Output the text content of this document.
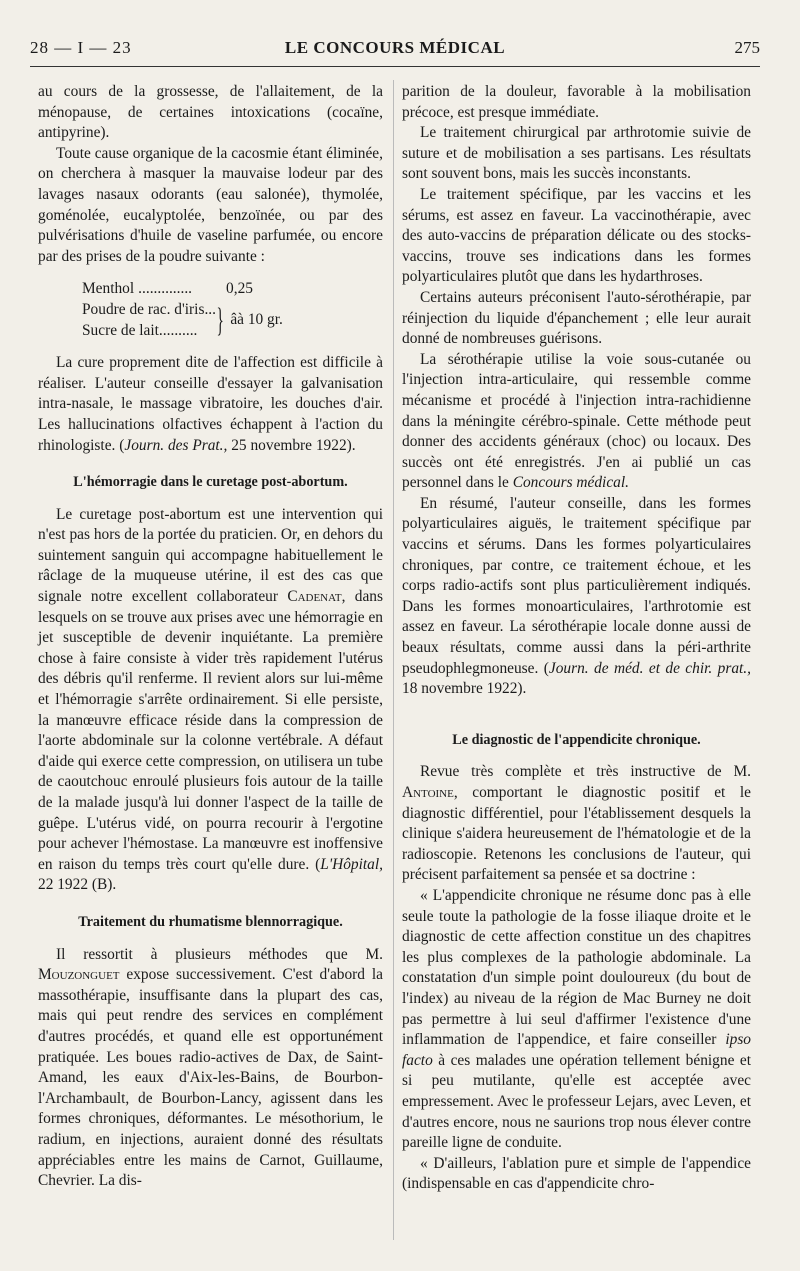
28 — I — 23	LE CONCOURS MÉDICAL	275

au cours de la grossesse, de l'allaitement, de la ménopause, de certaines intoxications (cocaïne, antipyrine).

Toute cause organique de la cacosmie étant éliminée, on cherchera à masquer la mauvaise lodeur par des lavages nasaux odorants (eau salonée), thymolée, goménolée, eucalyptolée, benzoïnée, ou par des pulvérisations d'huile de vaseline parfumée, ou encore par des prises de la poudre suivante :

Menthol .............. 0,25
Poudre de rac. d'iris...
Sucre de lait.......... } âà 10 gr.

La cure proprement dite de l'affection est difficile à réaliser. L'auteur conseille d'essayer la galvanisation intra-nasale, le massage vibratoire, les douches d'air. Les hallucinations olfactives échappent à l'action du rhinologiste. (Journ. des Prat., 25 novembre 1922).

L'hémorragie dans le curetage post-abortum.

Le curetage post-abortum est une intervention qui n'est pas hors de la portée du praticien. Or, en dehors du suintement sanguin qui accompagne habituellement le râclage de la muqueuse utérine, il est des cas que signale notre excellent collaborateur Cadenat, dans lesquels on se trouve aux prises avec une hémorragie en jet susceptible de devenir inquiétante. La première chose à faire consiste à vider très rapidement l'utérus des débris qu'il renferme. Il revient alors sur lui-même et l'hémorragie s'arrête ordinairement. Si elle persiste, la manœuvre efficace réside dans la compression de l'aorte abdominale sur la colonne vertébrale. A défaut d'aide qui exerce cette compression, on utilisera un tube de caoutchouc enroulé plusieurs fois autour de la taille de la malade jusqu'à lui donner l'aspect de la taille de guêpe. L'utérus vidé, on pourra recourir à l'ergotine pour achever l'hémostase. La manœuvre est inoffensive en raison du temps très court qu'elle dure. (L'Hôpital, 22 1922 (B).

Traitement du rhumatisme blennorragique.

Il ressortit à plusieurs méthodes que M. Mouzonguet expose successivement. C'est d'abord la massothérapie, insuffisante dans la plupart des cas, mais qui peut rendre des services en complément d'autres procédés, et quand elle est opportunément pratiquée. Les boues radio-actives de Dax, de Saint-Amand, les eaux d'Aix-les-Bains, de Bourbon-l'Archambault, de Bourbon-Lancy, agissent dans les formes chroniques, déformantes. Le mésothorium, le radium, en injections, auraient donné des résultats appréciables entre les mains de Carnot, Guillaume, Chevrier. La dis-

parition de la douleur, favorable à la mobilisation précoce, est presque immédiate.

Le traitement chirurgical par arthrotomie suivie de suture et de mobilisation a ses partisans. Les résultats sont souvent bons, mais les succès inconstants.

Le traitement spécifique, par les vaccins et les sérums, est assez en faveur. La vaccinothérapie, avec des auto-vaccins de préparation délicate ou des stocks-vaccins, trouve ses indications dans les formes polyarticulaires plutôt que dans les hydarthroses.

Certains auteurs préconisent l'auto-sérothérapie, par réinjection du liquide d'épanchement ; elle leur aurait donné de nombreuses guérisons.

La sérothérapie utilise la voie sous-cutanée ou l'injection intra-articulaire, qui ressemble comme mécanisme et procédé à l'injection intra-rachidienne dans la méningite cérébro-spinale. Cette méthode peut donner des accidents généraux (choc) ou locaux. Des succès ont été enregistrés. J'en ai publié un cas personnel dans le Concours médical.

En résumé, l'auteur conseille, dans les formes polyarticulaires aiguës, le traitement spécifique par vaccins et sérums. Dans les formes polyarticulaires chroniques, par contre, ce traitement échoue, et les corps radio-actifs sont plus particulièrement indiqués. Dans les formes monoarticulaires, l'arthrotomie est assez en faveur. La sérothérapie locale donne aussi de beaux résultats, comme aussi dans la péri-arthrite pseudophlegmoneuse. (Journ. de méd. et de chir. prat., 18 novembre 1922).

Le diagnostic de l'appendicite chronique.

Revue très complète et très instructive de M. Antoine, comportant le diagnostic positif et le diagnostic différentiel, pour l'établissement desquels la clinique s'aidera heureusement de l'hématologie et de la radioscopie. Retenons les conclusions de l'auteur, qui précisent parfaitement sa pensée et sa doctrine :

« L'appendicite chronique ne résume donc pas à elle seule toute la pathologie de la fosse iliaque droite et le diagnostic de cette affection constitue un des chapitres les plus complexes de la pathologie abdominale. La constatation d'un simple point douloureux (du bout de l'index) au niveau de la région de Mac Burney ne doit pas permettre à lui seul d'affirmer l'existence d'une inflammation de l'appendice, et faire conseiller ipso facto à ces malades une opération tellement bénigne et si peu mutilante, qu'elle est acceptée avec empressement. Avec le professeur Lejars, avec Leven, et d'autres encore, nous ne saurions trop nous élever contre pareille ligne de conduite.

« D'ailleurs, l'ablation pure et simple de l'appendice (indispensable en cas d'appendicite chro-
